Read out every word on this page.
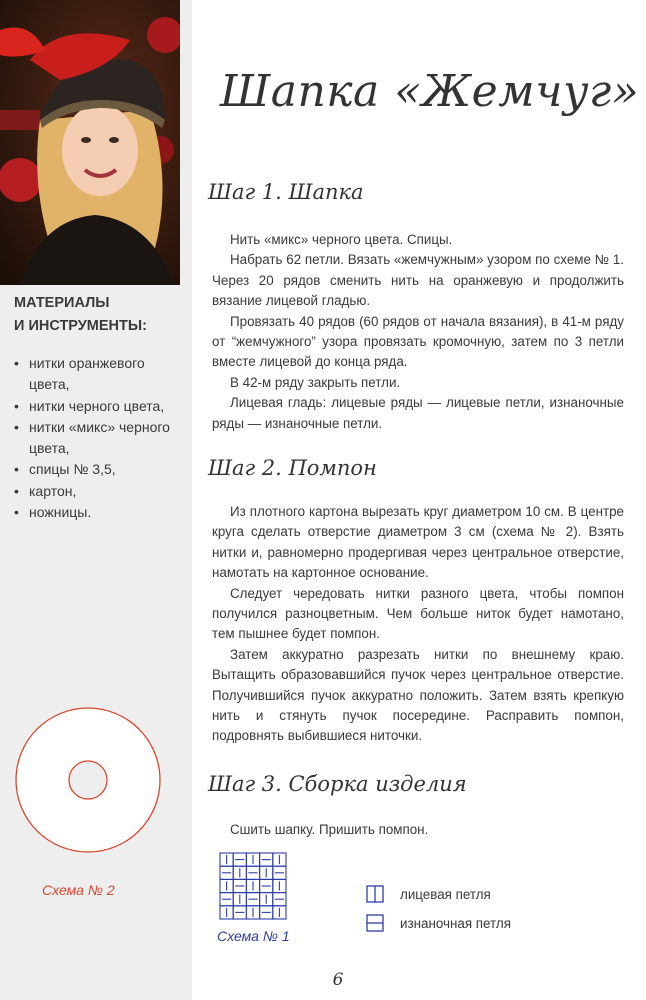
МАТЕРИАЛЫ
И ИНСТРУМЕНТЫ:
• нитки оранжевого цвета,
• нитки черного цвета,
• нитки «микс» черного цвета,
• спицы № 3,5,
• картон,
• ножницы.
Схема № 2
Шапка «Жемчуг»
Шаг 1. Шапка

Нить «микс» черного цвета. Спицы.

Набрать 62 петли. Вязать «жемчужным» узором по схеме № 1. Через 20 рядов сменить нить на оранжевую и продолжить вязание лицевой гладью.

Провязать 40 рядов (60 рядов от начала вязания), в 41-м ряду от “жемчужного” узора провязать кромочную, затем по 3 петли вместе лицевой до конца ряда.

В 42-м ряду закрыть петли.

Лицевая гладь: лицевые ряды — лицевые петли, изнаночные ряды — изнаночные петли.

Шаг 2. Помпон

Из плотного картона вырезать круг диаметром 10 см. В центре круга сделать отверстие диаметром 3 см (схема № 2). Взять нитки и, равномерно продергивая через центральное отверстие, намотать на картонное основание.

Следует чередовать нитки разного цвета, чтобы помпон получился разноцветным. Чем больше ниток будет намотано, тем пышнее будет помпон.

Затем аккуратно разрезать нитки по внешнему краю. Вытащить образовавшийся пучок через центральное отверстие. Получившийся пучок аккуратно положить. Затем взять крепкую нить и стянуть пучок посередине. Расправить помпон, подровнять выбившиеся ниточки.

Шаг 3. Сборка изделия

Сшить шапку. Пришить помпон.

Схема № 1
лицевая петля
изнаночная петля
6
